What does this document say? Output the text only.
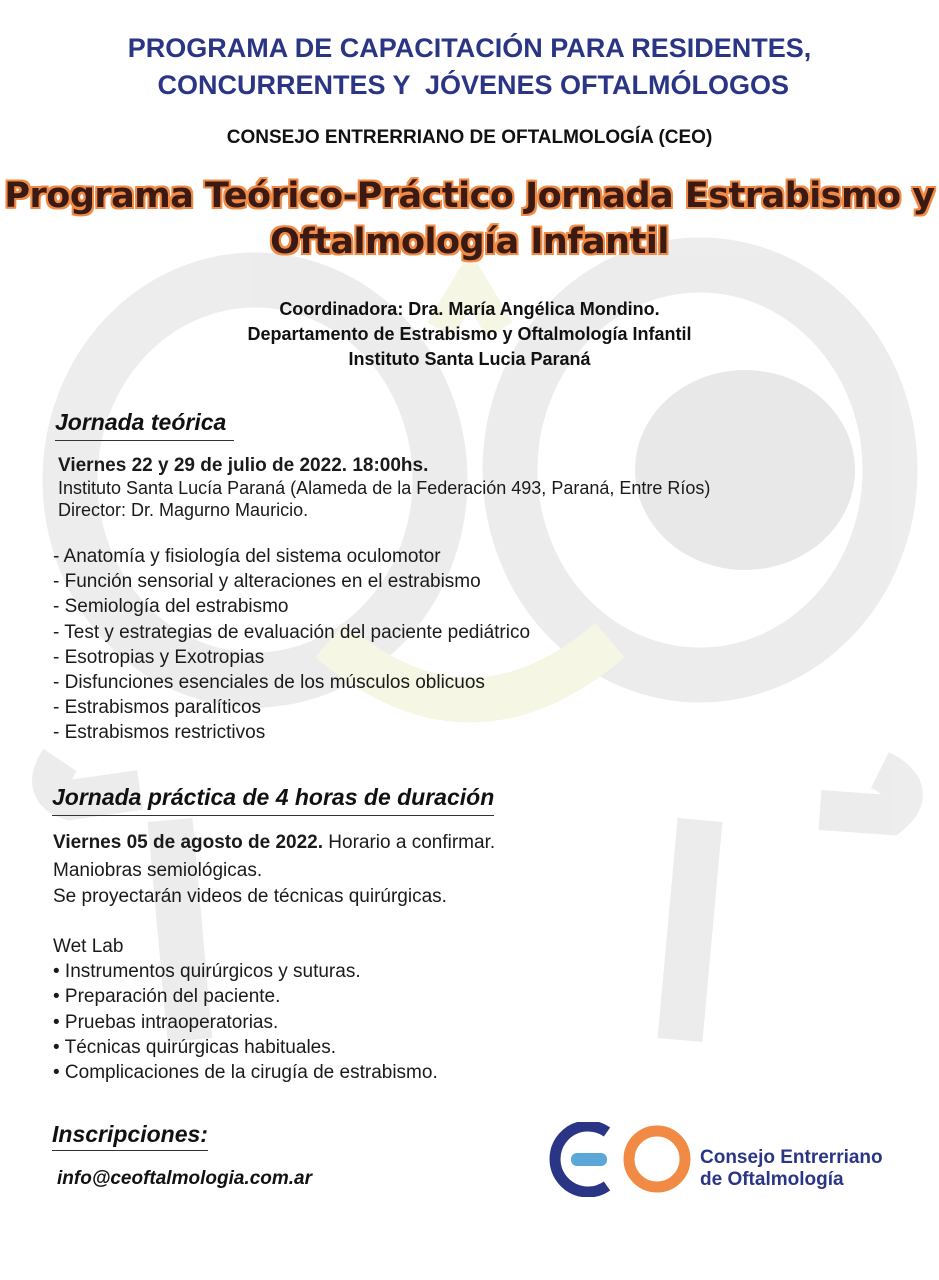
PROGRAMA DE CAPACITACIÓN PARA RESIDENTES,
CONCURRENTES Y  JÓVENES OFTALMÓLOGOS
CONSEJO ENTRERRIANO DE OFTALMOLOGÍA (CEO)
Programa Teórico-Práctico Jornada Estrabismo y
Oftalmología Infantil
Coordinadora: Dra. María Angélica Mondino.
Departamento de Estrabismo y Oftalmología Infantil
Instituto Santa Lucia Paraná
Jornada teórica
Viernes 22 y 29 de julio de 2022. 18:00hs.
Instituto Santa Lucía Paraná (Alameda de la Federación 493, Paraná, Entre Ríos)
Director: Dr. Magurno Mauricio.
- Anatomía y fisiología del sistema oculomotor
- Función sensorial y alteraciones en el estrabismo
- Semiología del estrabismo
- Test y estrategias de evaluación del paciente pediátrico
- Esotropias y Exotropias
- Disfunciones esenciales de los músculos oblicuos
- Estrabismos paralíticos
- Estrabismos restrictivos
Jornada práctica de 4 horas de duración
Viernes 05 de agosto de 2022. Horario a confirmar.
Maniobras semiológicas.
Se proyectarán videos de técnicas quirúrgicas.
Wet Lab
• Instrumentos quirúrgicos y suturas.
• Preparación del paciente.
• Pruebas intraoperatorias.
• Técnicas quirúrgicas habituales.
• Complicaciones de la cirugía de estrabismo.
Inscripciones:
info@ceoftalmologia.com.ar
Consejo Entrerriano
de Oftalmología
